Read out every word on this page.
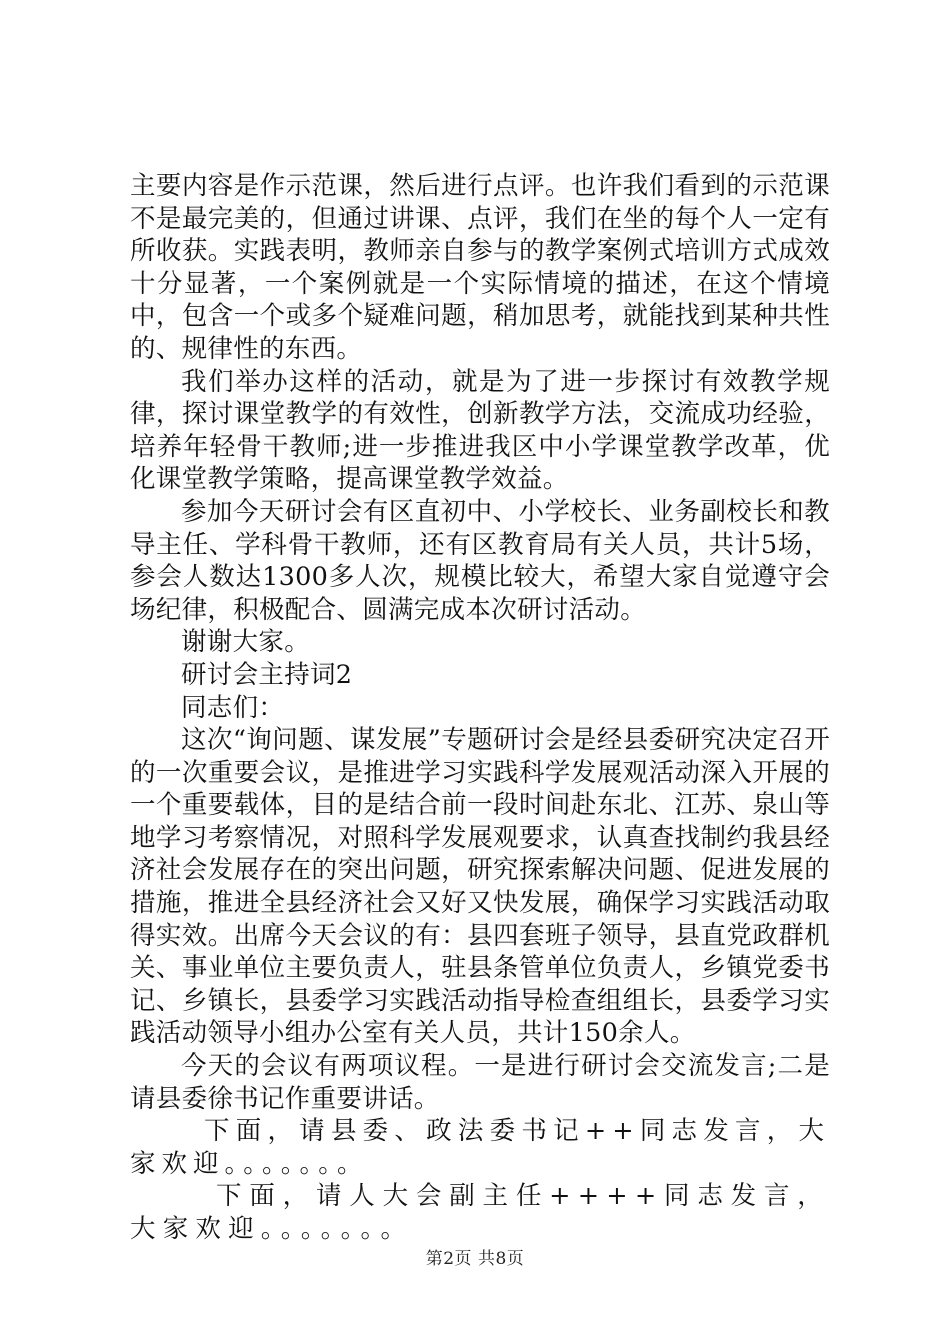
主要内容是作示范课，然后进行点评。也许我们看到的示范课不是最完美的，但通过讲课、点评，我们在坐的每个人一定有所收获。实践表明，教师亲自参与的教学案例式培训方式成效十分显著，一个案例就是一个实际情境的描述，在这个情境中，包含一个或多个疑难问题，稍加思考，就能找到某种共性的、规律性的东西。

我们举办这样的活动，就是为了进一步探讨有效教学规律，探讨课堂教学的有效性，创新教学方法，交流成功经验，培养年轻骨干教师;进一步推进我区中小学课堂教学改革，优化课堂教学策略，提高课堂教学效益。

参加今天研讨会有区直初中、小学校长、业务副校长和教导主任、学科骨干教师，还有区教育局有关人员，共计5场，参会人数达1300多人次，规模比较大，希望大家自觉遵守会场纪律，积极配合、圆满完成本次研讨活动。

谢谢大家。

研讨会主持词2

同志们：

这次“询问题、谋发展”专题研讨会是经县委研究决定召开的一次重要会议，是推进学习实践科学发展观活动深入开展的一个重要载体，目的是结合前一段时间赴东北、江苏、泉山等地学习考察情况，对照科学发展观要求，认真查找制约我县经济社会发展存在的突出问题，研究探索解决问题、促进发展的措施，推进全县经济社会又好又快发展，确保学习实践活动取得实效。出席今天会议的有：县四套班子领导，县直党政群机关、事业单位主要负责人，驻县条管单位负责人，乡镇党委书记、乡镇长，县委学习实践活动指导检查组组长，县委学习实践活动领导小组办公室有关人员，共计150余人。

今天的会议有两项议程。一是进行研讨会交流发言;二是请县委徐书记作重要讲话。

下面，请县委、政法委书记++同志发言，大家欢迎。。。。。。。

下面，请人大会副主任++++同志发言，大家欢迎。。。。。。。

第2页 共8页
